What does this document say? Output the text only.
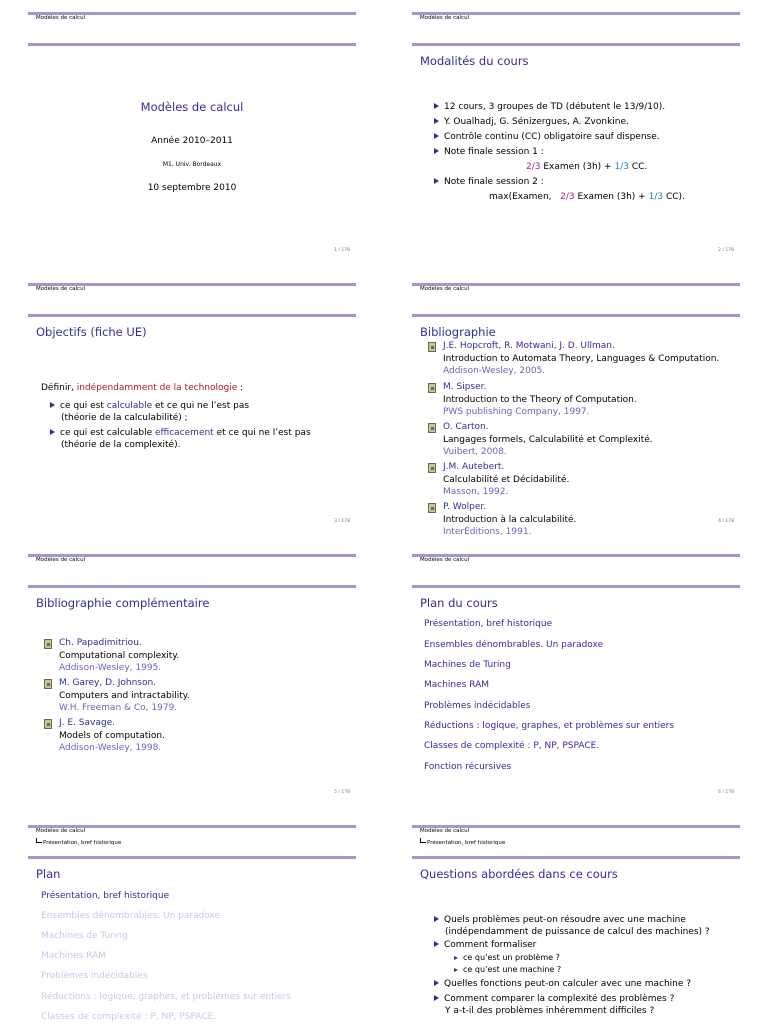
Modèles de calcul
Modèles de calcul
Année 2010–2011
M1, Univ. Bordeaux
10 septembre 2010
1 / 178
Modèles de calcul
Modalités du cours
12 cours, 3 groupes de TD (débutent le 13/9/10).
Y. Oualhadj, G. Sénizergues, A. Zvonkine.
Contrôle continu (CC) obligatoire sauf dispense.
Note finale session 1 :
2/3 Examen (3h) + 1/3 CC.
Note finale session 2 :
max(Examen, 2/3 Examen (3h) + 1/3 CC).
2 / 178
Modèles de calcul
Objectifs (fiche UE)
Définir, indépendamment de la technologie :
ce qui est calculable et ce qui ne l’est pas
(théorie de la calculabilité) ;
ce qui est calculable efficacement et ce qui ne l’est pas
(théorie de la complexité).
3 / 178
Modèles de calcul
Bibliographie
J.E. Hopcroft, R. Motwani, J. D. Ullman.
Introduction to Automata Theory, Languages & Computation.
Addison-Wesley, 2005.
M. Sipser.
Introduction to the Theory of Computation.
PWS publishing Company, 1997.
O. Carton.
Langages formels, Calculabilité et Complexité.
Vuibert, 2008.
J.M. Autebert.
Calculabilité et Décidabilité.
Masson, 1992.
P. Wolper.
Introduction à la calculabilité.
InterÉditions, 1991.
4 / 178
Modèles de calcul
Bibliographie complémentaire
Ch. Papadimitriou.
Computational complexity.
Addison-Wesley, 1995.
M. Garey, D. Johnson.
Computers and intractability.
W.H. Freeman & Co, 1979.
J. E. Savage.
Models of computation.
Addison-Wesley, 1998.
5 / 178
Modèles de calcul
Plan du cours
Présentation, bref historique
Ensembles dénombrables. Un paradoxe
Machines de Turing
Machines RAM
Problèmes indécidables
Réductions : logique, graphes, et problèmes sur entiers
Classes de complexité : P, NP, PSPACE.
Fonction récursives
6 / 178
Modèles de calcul
Présentation, bref historique
Plan
Présentation, bref historique
Ensembles dénombrables. Un paradoxe
Machines de Turing
Machines RAM
Problèmes indécidables
Réductions : logique, graphes, et problèmes sur entiers
Classes de complexité : P, NP, PSPACE.
Modèles de calcul
Présentation, bref historique
Questions abordées dans ce cours
Quels problèmes peut-on résoudre avec une machine
(indépendamment de puissance de calcul des machines) ?
Comment formaliser
ce qu’est un problème ?
ce qu’est une machine ?
Quelles fonctions peut-on calculer avec une machine ?
Comment comparer la complexité des problèmes ?
Y a-t-il des problèmes inhéremment difficiles ?
